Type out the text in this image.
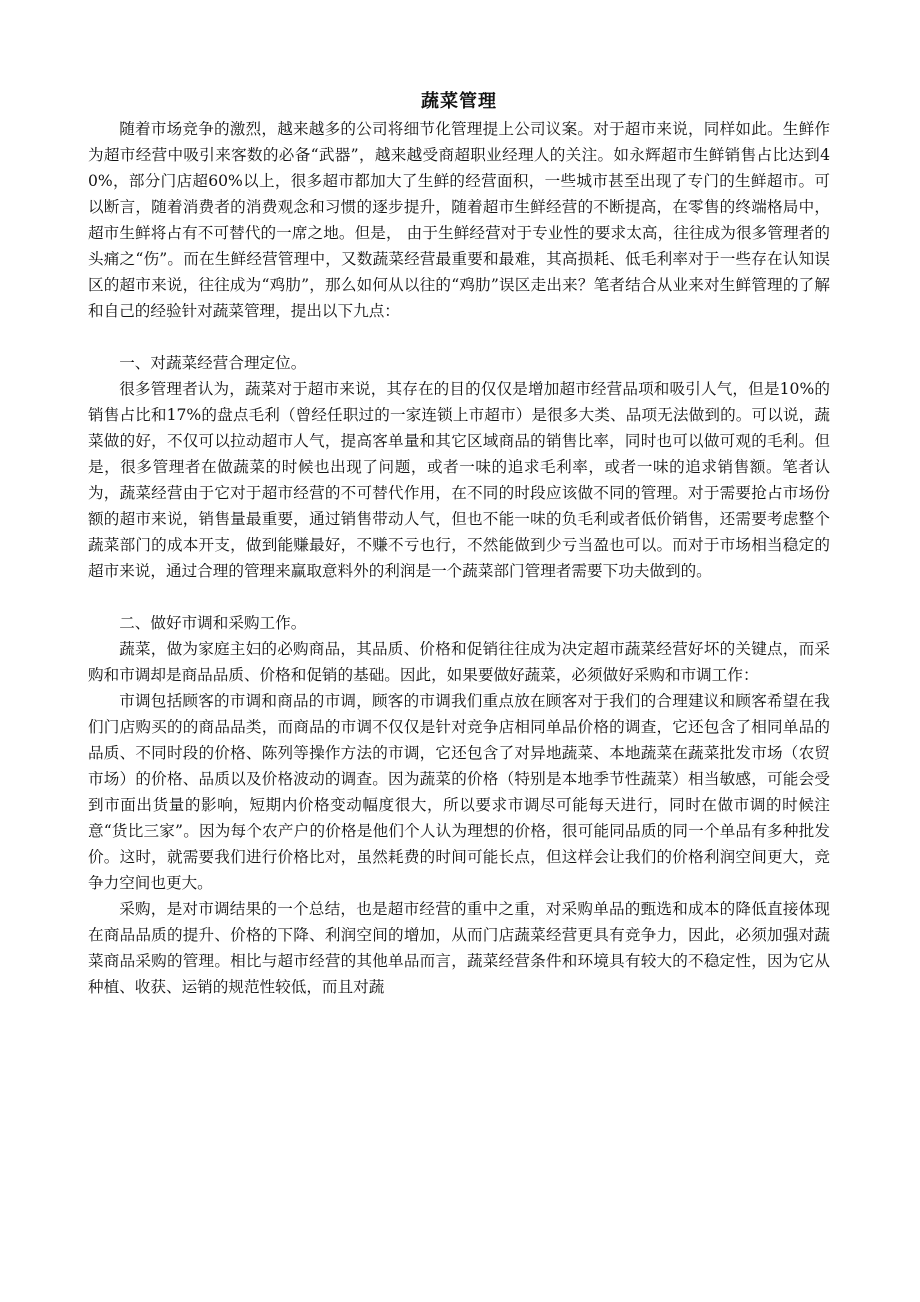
蔬菜管理

随着市场竞争的激烈，越来越多的公司将细节化管理提上公司议案。对于超市来说，同样如此。生鲜作为超市经营中吸引来客数的必备“武器”，越来越受商超职业经理人的关注。如永辉超市生鲜销售占比达到40%，部分门店超60%以上，很多超市都加大了生鲜的经营面积，一些城市甚至出现了专门的生鲜超市。可以断言，随着消费者的消费观念和习惯的逐步提升，随着超市生鲜经营的不断提高，在零售的终端格局中，超市生鲜将占有不可替代的一席之地。但是， 由于生鲜经营对于专业性的要求太高，往往成为很多管理者的头痛之“伤”。而在生鲜经营管理中，又数蔬菜经营最重要和最难，其高损耗、低毛利率对于一些存在认知误区的超市来说，往往成为“鸡肋”，那么如何从以往的“鸡肋”误区走出来？笔者结合从业来对生鲜管理的了解和自己的经验针对蔬菜管理，提出以下九点：

一、对蔬菜经营合理定位。

很多管理者认为，蔬菜对于超市来说，其存在的目的仅仅是增加超市经营品项和吸引人气，但是10%的销售占比和17%的盘点毛利（曾经任职过的一家连锁上市超市）是很多大类、品项无法做到的。可以说，蔬菜做的好，不仅可以拉动超市人气，提高客单量和其它区域商品的销售比率，同时也可以做可观的毛利。但是，很多管理者在做蔬菜的时候也出现了问题，或者一味的追求毛利率，或者一味的追求销售额。笔者认为，蔬菜经营由于它对于超市经营的不可替代作用，在不同的时段应该做不同的管理。对于需要抢占市场份额的超市来说，销售量最重要，通过销售带动人气，但也不能一味的负毛利或者低价销售，还需要考虑整个蔬菜部门的成本开支，做到能赚最好，不赚不亏也行，不然能做到少亏当盈也可以。而对于市场相当稳定的超市来说，通过合理的管理来赢取意料外的利润是一个蔬菜部门管理者需要下功夫做到的。

二、做好市调和采购工作。

蔬菜，做为家庭主妇的必购商品，其品质、价格和促销往往成为决定超市蔬菜经营好坏的关键点，而采购和市调却是商品品质、价格和促销的基础。因此，如果要做好蔬菜，必须做好采购和市调工作：

市调包括顾客的市调和商品的市调，顾客的市调我们重点放在顾客对于我们的合理建议和顾客希望在我们门店购买的的商品品类，而商品的市调不仅仅是针对竞争店相同单品价格的调查，它还包含了相同单品的品质、不同时段的价格、陈列等操作方法的市调，它还包含了对异地蔬菜、本地蔬菜在蔬菜批发市场（农贸市场）的价格、品质以及价格波动的调查。因为蔬菜的价格（特别是本地季节性蔬菜）相当敏感，可能会受到市面出货量的影响，短期内价格变动幅度很大，所以要求市调尽可能每天进行，同时在做市调的时候注意“货比三家”。因为每个农产户的价格是他们个人认为理想的价格，很可能同品质的同一个单品有多种批发价。这时，就需要我们进行价格比对，虽然耗费的时间可能长点，但这样会让我们的价格利润空间更大，竞争力空间也更大。

采购，是对市调结果的一个总结，也是超市经营的重中之重，对采购单品的甄选和成本的降低直接体现在商品品质的提升、价格的下降、利润空间的增加，从而门店蔬菜经营更具有竞争力，因此，必须加强对蔬菜商品采购的管理。相比与超市经营的其他单品而言，蔬菜经营条件和环境具有较大的不稳定性，因为它从种植、收获、运销的规范性较低，而且对蔬
